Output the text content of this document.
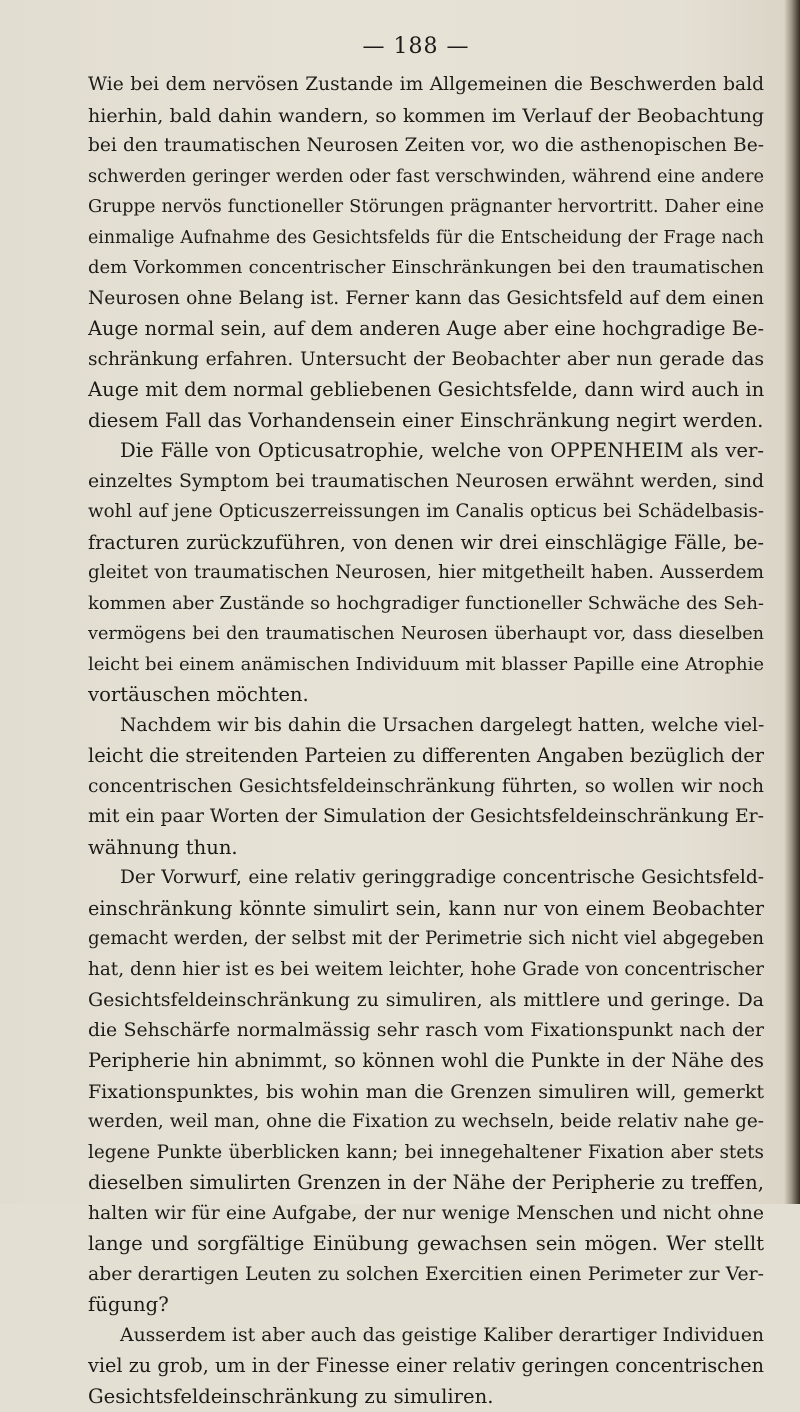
— 188 —
Wie bei dem nervösen Zustande im Allgemeinen die Beschwerden bald
hierhin, bald dahin wandern, so kommen im Verlauf der Beobachtung
bei den traumatischen Neurosen Zeiten vor, wo die asthenopischen Be-
schwerden geringer werden oder fast verschwinden, während eine andere
Gruppe nervös functioneller Störungen prägnanter hervortritt. Daher eine
einmalige Aufnahme des Gesichtsfelds für die Entscheidung der Frage nach
dem Vorkommen concentrischer Einschränkungen bei den traumatischen
Neurosen ohne Belang ist. Ferner kann das Gesichtsfeld auf dem einen
Auge normal sein, auf dem anderen Auge aber eine hochgradige Be-
schränkung erfahren. Untersucht der Beobachter aber nun gerade das
Auge mit dem normal gebliebenen Gesichtsfelde, dann wird auch in
diesem Fall das Vorhandensein einer Einschränkung negirt werden.
Die Fälle von Opticusatrophie, welche von OPPENHEIM als ver-
einzeltes Symptom bei traumatischen Neurosen erwähnt werden, sind
wohl auf jene Opticuszerreissungen im Canalis opticus bei Schädelbasis-
fracturen zurückzuführen, von denen wir drei einschlägige Fälle, be-
gleitet von traumatischen Neurosen, hier mitgetheilt haben. Ausserdem
kommen aber Zustände so hochgradiger functioneller Schwäche des Seh-
vermögens bei den traumatischen Neurosen überhaupt vor, dass dieselben
leicht bei einem anämischen Individuum mit blasser Papille eine Atrophie
vortäuschen möchten.
Nachdem wir bis dahin die Ursachen dargelegt hatten, welche viel-
leicht die streitenden Parteien zu differenten Angaben bezüglich der
concentrischen Gesichtsfeldeinschränkung führten, so wollen wir noch
mit ein paar Worten der Simulation der Gesichtsfeldeinschränkung Er-
wähnung thun.
Der Vorwurf, eine relativ geringgradige concentrische Gesichtsfeld-
einschränkung könnte simulirt sein, kann nur von einem Beobachter
gemacht werden, der selbst mit der Perimetrie sich nicht viel abgegeben
hat, denn hier ist es bei weitem leichter, hohe Grade von concentrischer
Gesichtsfeldeinschränkung zu simuliren, als mittlere und geringe. Da
die Sehschärfe normalmässig sehr rasch vom Fixationspunkt nach der
Peripherie hin abnimmt, so können wohl die Punkte in der Nähe des
Fixationspunktes, bis wohin man die Grenzen simuliren will, gemerkt
werden, weil man, ohne die Fixation zu wechseln, beide relativ nahe ge-
legene Punkte überblicken kann; bei innegehaltener Fixation aber stets
dieselben simulirten Grenzen in der Nähe der Peripherie zu treffen,
halten wir für eine Aufgabe, der nur wenige Menschen und nicht ohne
lange und sorgfältige Einübung gewachsen sein mögen. Wer stellt
aber derartigen Leuten zu solchen Exercitien einen Perimeter zur Ver-
fügung?
Ausserdem ist aber auch das geistige Kaliber derartiger Individuen
viel zu grob, um in der Finesse einer relativ geringen concentrischen
Gesichtsfeldeinschränkung zu simuliren.
